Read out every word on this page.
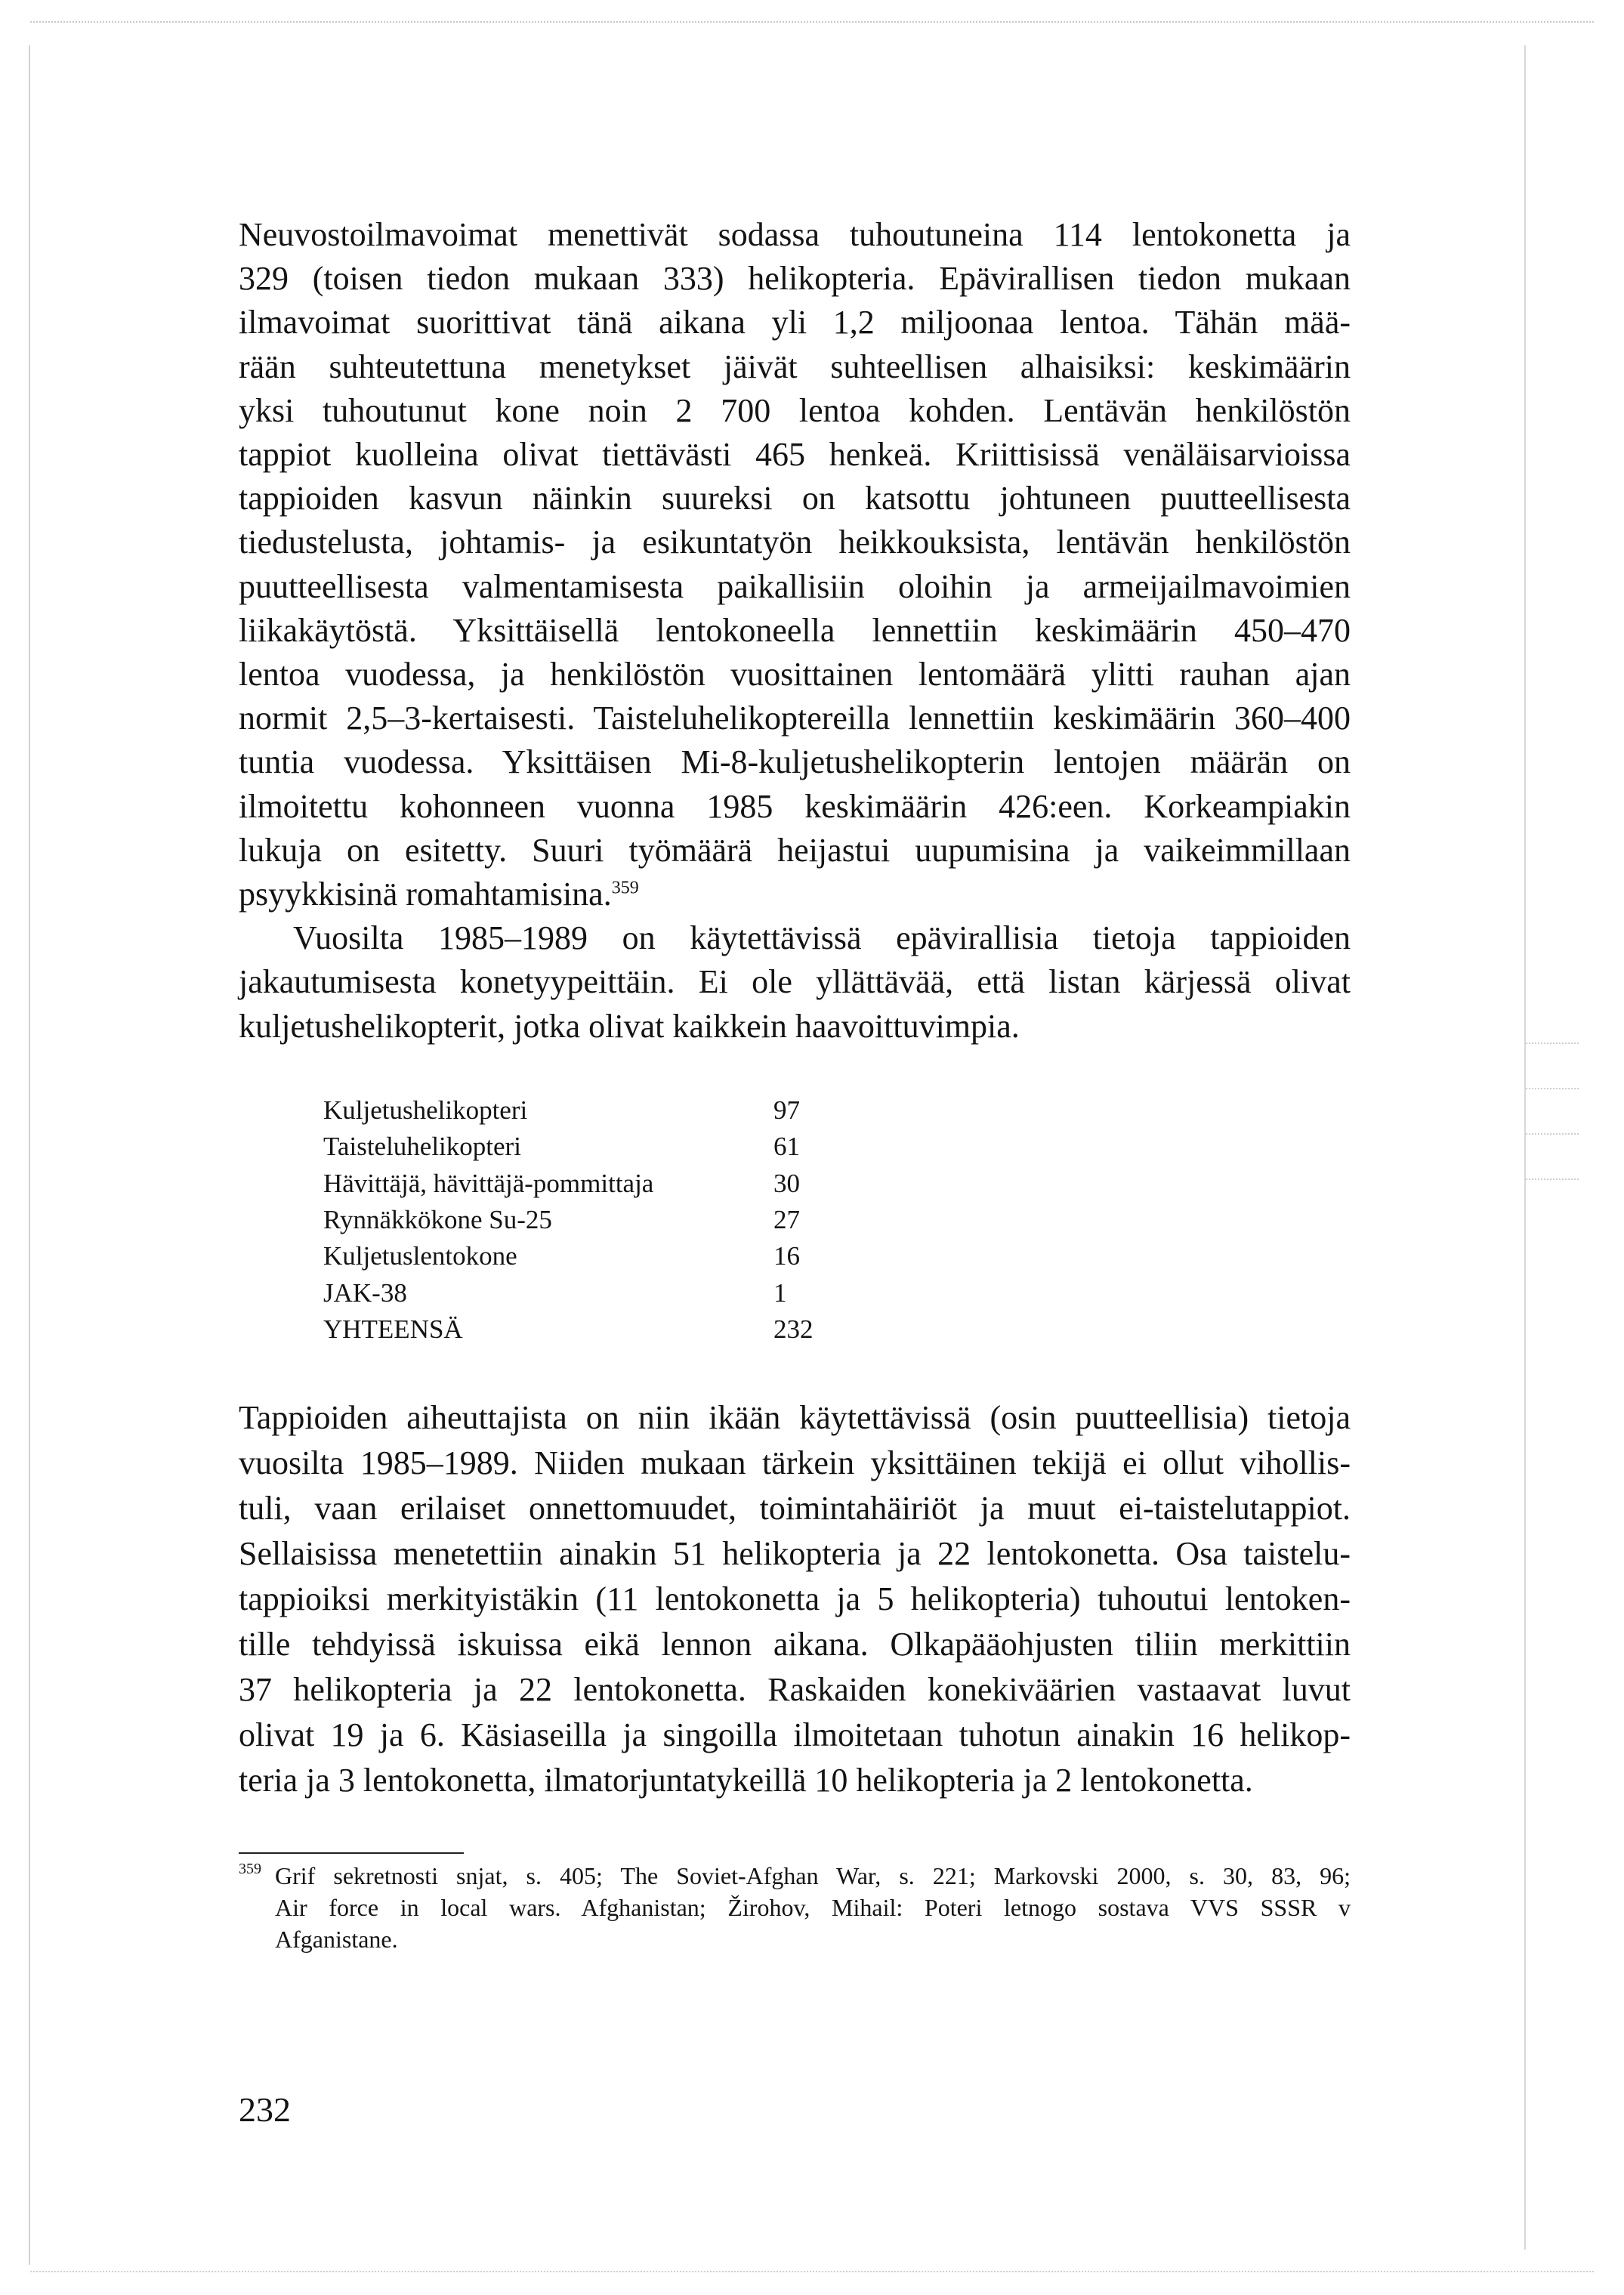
Neuvostoilmavoimat menettivät sodassa tuhoutuneina 114 lentokonetta ja

329 (toisen tiedon mukaan 333) helikopteria. Epävirallisen tiedon mukaan

ilmavoimat suorittivat tänä aikana yli 1,2 miljoonaa lentoa. Tähän mää-

rään suhteutettuna menetykset jäivät suhteellisen alhaisiksi: keskimäärin

yksi tuhoutunut kone noin 2 700 lentoa kohden. Lentävän henkilöstön

tappiot kuolleina olivat tiettävästi 465 henkeä. Kriittisissä venäläisarvioissa

tappioiden kasvun näinkin suureksi on katsottu johtuneen puutteellisesta

tiedustelusta, johtamis- ja esikuntatyön heikkouksista, lentävän henkilöstön

puutteellisesta valmentamisesta paikallisiin oloihin ja armeijailmavoimien

liikakäytöstä. Yksittäisellä lentokoneella lennettiin keskimäärin 450–470

lentoa vuodessa, ja henkilöstön vuosittainen lentomäärä ylitti rauhan ajan

normit 2,5–3-kertaisesti. Taisteluhelikoptereilla lennettiin keskimäärin 360–400

tuntia vuodessa. Yksittäisen Mi-8-kuljetushelikopterin lentojen määrän on

ilmoitettu kohonneen vuonna 1985 keskimäärin 426:een. Korkeampiakin

lukuja on esitetty. Suuri työmäärä heijastui uupumisina ja vaikeimmillaan

psyykkisinä romahtamisina.$^{359}$

Vuosilta 1985–1989 on käytettävissä epävirallisia tietoja tappioiden

jakautumisesta konetyypeittäin. Ei ole yllättävää, että listan kärjessä olivat

kuljetushelikopterit, jotka olivat kaikkein haavoittuvimpia.

Kuljetushelikopteri	97
Taisteluhelikopteri	61
Hävittäjä, hävittäjä-pommittaja	30
Rynnäkkökone Su-25	27
Kuljetuslentokone	16
JAK-38	1
YHTEENSÄ	232

Tappioiden aiheuttajista on niin ikään käytettävissä (osin puutteellisia) tietoja

vuosilta 1985–1989. Niiden mukaan tärkein yksittäinen tekijä ei ollut vihollis-

tuli, vaan erilaiset onnettomuudet, toimintahäiriöt ja muut ei-taistelutappiot.

Sellaisissa menetettiin ainakin 51 helikopteria ja 22 lentokonetta. Osa taistelu-

tappioiksi merkityistäkin (11 lentokonetta ja 5 helikopteria) tuhoutui lentoken-

tille tehdyissä iskuissa eikä lennon aikana. Olkapääohjusten tiliin merkittiin

37 helikopteria ja 22 lentokonetta. Raskaiden konekiväärien vastaavat luvut

olivat 19 ja 6. Käsiaseilla ja singoilla ilmoitetaan tuhotun ainakin 16 helikop-

teria ja 3 lentokonetta, ilmatorjuntatykeillä 10 helikopteria ja 2 lentokonetta.

359 Grif sekretnosti snjat, s. 405; The Soviet-Afghan War, s. 221; Markovski 2000, s. 30, 83, 96;
Air force in local wars. Afghanistan; Žirohov, Mihail: Poteri letnogo sostava VVS SSSR v
Afganistane.
232
